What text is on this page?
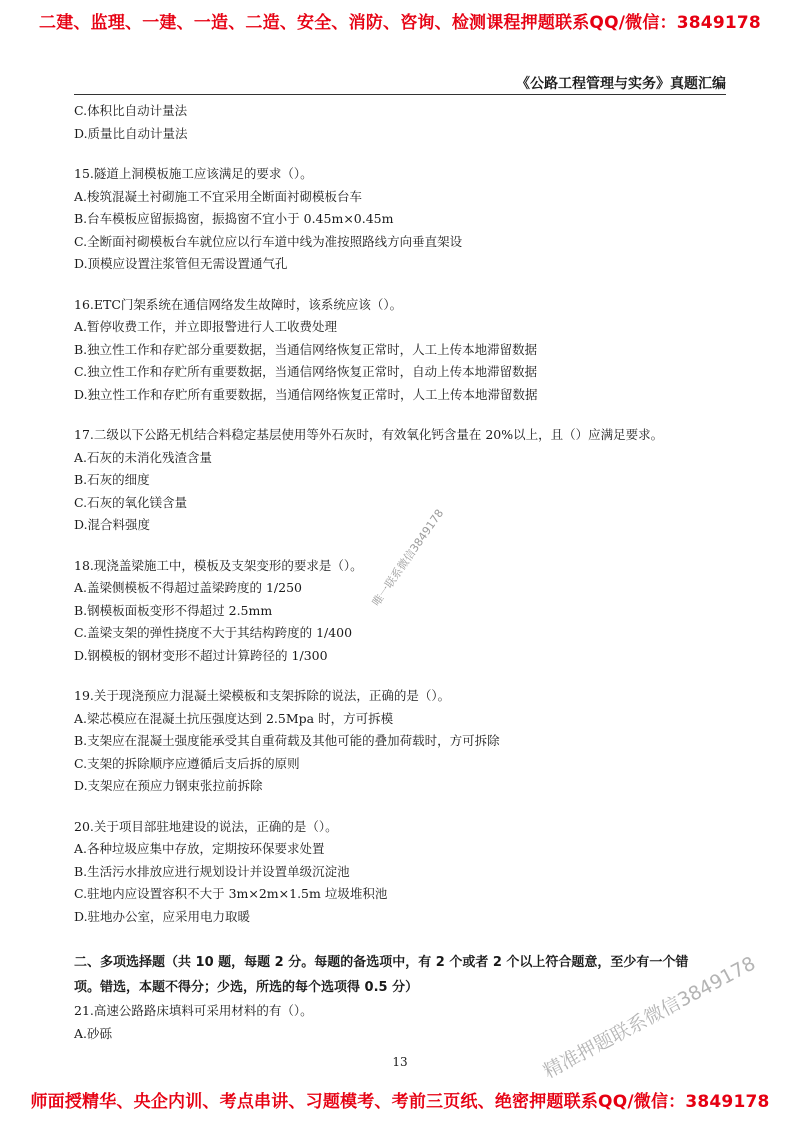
二建、监理、一建、一造、二造、安全、消防、咨询、检测课程押题联系QQ/微信：3849178
《公路工程管理与实务》真题汇编
C.体积比自动计量法
D.质量比自动计量法
15.隧道上洞模板施工应该满足的要求（）。
A.梭筑混凝土衬砌施工不宜采用全断面衬砌模板台车
B.台车模板应留振捣窗，振捣窗不宜小于 0.45m×0.45m
C.全断面衬砌模板台车就位应以行车道中线为准按照路线方向垂直架设
D.顶模应设置注浆管但无需设置通气孔
16.ETC门架系统在通信网络发生故障时，该系统应该（）。
A.暂停收费工作，并立即报警进行人工收费处理
B.独立性工作和存贮部分重要数据，当通信网络恢复正常时，人工上传本地滞留数据
C.独立性工作和存贮所有重要数据，当通信网络恢复正常时，自动上传本地滞留数据
D.独立性工作和存贮所有重要数据，当通信网络恢复正常时，人工上传本地滞留数据
17.二级以下公路无机结合料稳定基层使用等外石灰时，有效氧化钙含量在 20%以上，且（）应满足要求。
A.石灰的未消化残渣含量
B.石灰的细度
C.石灰的氧化镁含量
D.混合料强度
18.现浇盖梁施工中，模板及支架变形的要求是（）。
A.盖梁侧模板不得超过盖梁跨度的 1/250
B.钢模板面板变形不得超过 2.5mm
C.盖梁支架的弹性挠度不大于其结构跨度的 1/400
D.钢模板的钢材变形不超过计算跨径的 1/300
19.关于现浇预应力混凝土梁模板和支架拆除的说法，正确的是（）。
A.梁芯模应在混凝土抗压强度达到 2.5Mpa 时，方可拆模
B.支架应在混凝土强度能承受其自重荷载及其他可能的叠加荷载时，方可拆除
C.支架的拆除顺序应遵循后支后拆的原则
D.支架应在预应力钢束张拉前拆除
20.关于项目部驻地建设的说法，正确的是（）。
A.各种垃圾应集中存放，定期按环保要求处置
B.生活污水排放应进行规划设计并设置单级沉淀池
C.驻地内应设置容积不大于 3m×2m×1.5m 垃圾堆积池
D.驻地办公室，应采用电力取暖
二、多项选择题（共 10 题，每题 2 分。每题的备选项中，有 2 个或者 2 个以上符合题意，至少有一个错
项。错选，本题不得分；少选，所选的每个选项得 0.5 分）
21.高速公路路床填料可采用材料的有（）。
A.砂砾
13
唯一联系微信3849178
精准押题联系微信3849178
师面授精华、央企内训、考点串讲、习题模考、考前三页纸、绝密押题联系QQ/微信：3849178
